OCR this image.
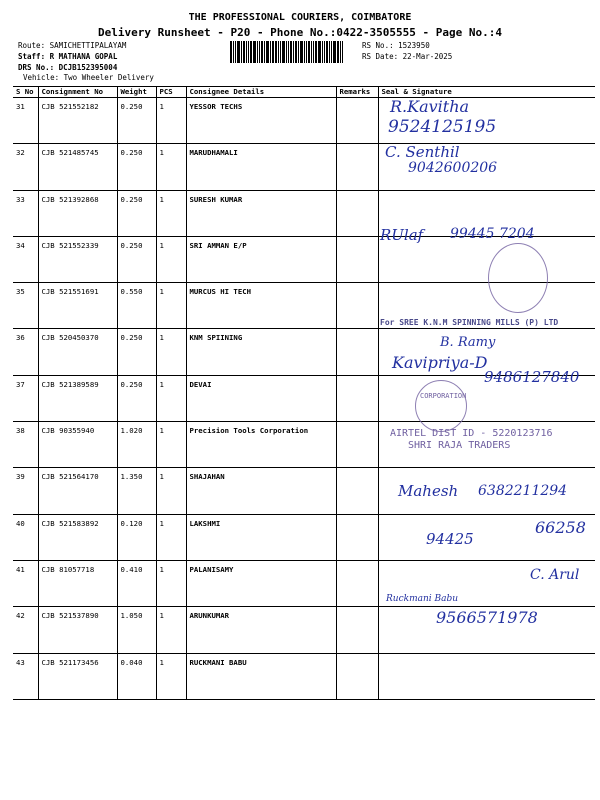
THE PROFESSIONAL COURIERS, COIMBATORE
Delivery Runsheet - P20 - Phone No.:0422-3505555 - Page No.:4
Route: SAMICHETTIPALAYAM
Staff: R MATHANA GOPAL
DRS No.: DCJB152395004
Vehicle: Two Wheeler Delivery
RS No.: 1523950
RS Date: 22-Mar-2025
S No	Consignment No	Weight	PCS	Consignee Details	Remarks	Seal & Signature
31	CJB 521552182	0.250	1	YESSOR TECHS		
32	CJB 521485745	0.250	1	MARUDHAMALI		
33	CJB 521392868	0.250	1	SURESH KUMAR		
34	CJB 521552339	0.250	1	SRI AMMAN E/P		
35	CJB 521551691	0.550	1	MURCUS HI TECH		
36	CJB 520450370	0.250	1	KNM SPIINING		
37	CJB 521389589	0.250	1	DEVAI		
38	CJB 90355940	1.020	1	Precision Tools Corporation		
39	CJB 521564170	1.350	1	SHAJAHAN		
40	CJB 521583892	0.120	1	LAKSHMI		
41	CJB 81057718	0.410	1	PALANISAMY		
42	CJB 521537890	1.050	1	ARUNKUMAR		
43	CJB 521173456	0.040	1	RUCKMANI BABU		
R.Kavitha
9524125195
C. Senthil
9042600206
RUlaf 99445 7204
For SREE K.N.M SPINNING MILLS (P) LTD
B. Ramy
Kavipriya-D
9486127840
AIRTEL DIST ID - 5220123716
SHRI RAJA TRADERS
CORPORATION
Mahesh 6382211294
66258
94425
C. Arul
Ruckmani Babu
9566571978
